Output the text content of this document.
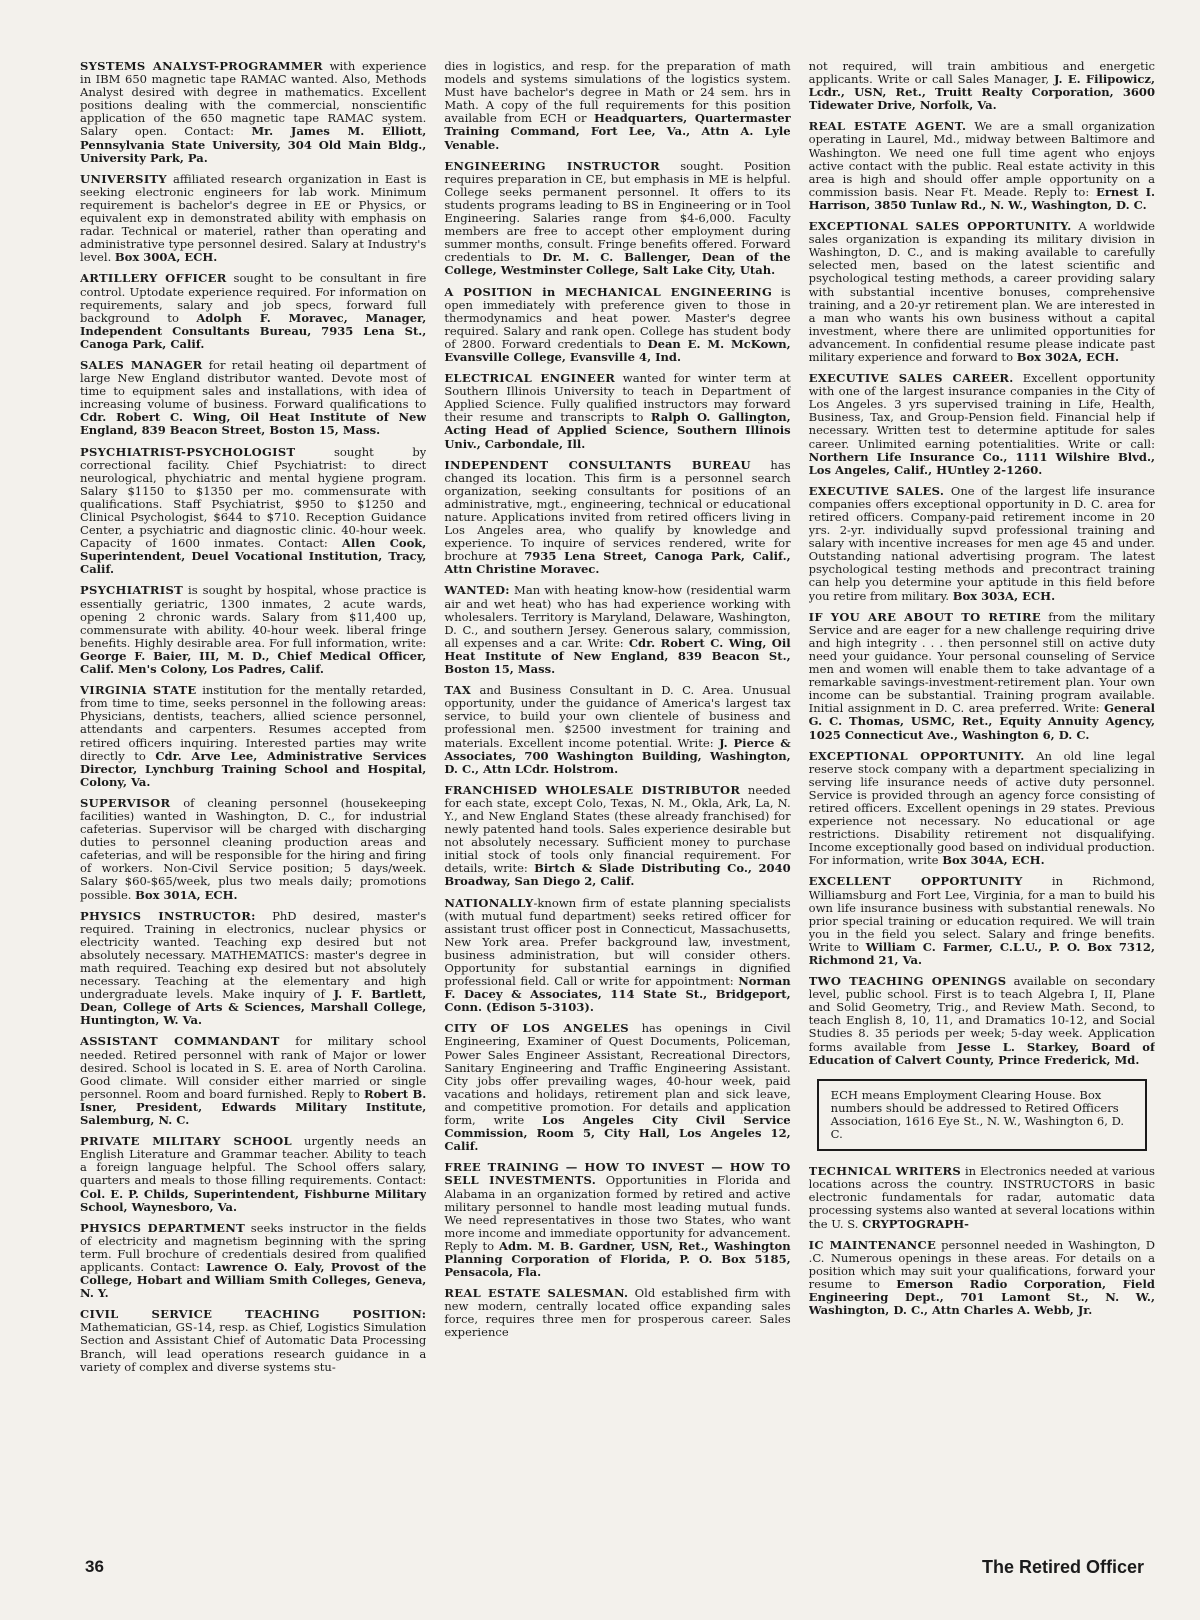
SYSTEMS ANALYST-PROGRAMMER with experience in IBM 650 magnetic tape RAMAC wanted. Also, Methods Analyst desired with degree in mathematics. Excellent positions dealing with the commercial, nonscientific application of the 650 magnetic tape RAMAC system. Salary open. Contact: Mr. James M. Elliott, Pennsylvania State University, 304 Old Main Bldg., University Park, Pa.

UNIVERSITY affiliated research organization in East is seeking electronic engineers for lab work. Minimum requirement is bachelor's degree in EE or Physics, or equivalent exp in demonstrated ability with emphasis on radar. Technical or materiel, rather than operating and administrative type personnel desired. Salary at Industry's level. Box 300A, ECH.

ARTILLERY OFFICER sought to be consultant in fire control. Uptodate experience required. For information on requirements, salary and job specs, forward full background to Adolph F. Moravec, Manager, Independent Consultants Bureau, 7935 Lena St., Canoga Park, Calif.

SALES MANAGER for retail heating oil department of large New England distributor wanted. Devote most of time to equipment sales and installations, with idea of increasing volume of business. Forward qualifications to Cdr. Robert C. Wing, Oil Heat Institute of New England, 839 Beacon Street, Boston 15, Mass.

PSYCHIATRIST-PSYCHOLOGIST sought by correctional facility. Chief Psychiatrist: to direct neurological, phychiatric and mental hygiene program. Salary $1150 to $1350 per mo. commensurate with qualifications. Staff Psychiatrist, $950 to $1250 and Clinical Psychologist, $644 to $710. Reception Guidance Center, a psychiatric and diagnostic clinic. 40-hour week. Capacity of 1600 inmates. Contact: Allen Cook, Superintendent, Deuel Vocational Institution, Tracy, Calif.

PSYCHIATRIST is sought by hospital, whose practice is essentially geriatric, 1300 inmates, 2 acute wards, opening 2 chronic wards. Salary from $11,400 up, commensurate with ability. 40-hour week. liberal fringe benefits. Highly desirable area. For full information, write: George F. Baier, III, M. D., Chief Medical Officer, Calif. Men's Colony, Los Padres, Calif.

VIRGINIA STATE institution for the mentally retarded, from time to time, seeks personnel in the following areas: Physicians, dentists, teachers, allied science personnel, attendants and carpenters. Resumes accepted from retired officers inquiring. Interested parties may write directly to Cdr. Arve Lee, Administrative Services Director, Lynchburg Training School and Hospital, Colony, Va.

SUPERVISOR of cleaning personnel (housekeeping facilities) wanted in Washington, D. C., for industrial cafeterias. Supervisor will be charged with discharging duties to personnel cleaning production areas and cafeterias, and will be responsible for the hiring and firing of workers. Non-Civil Service position; 5 days/week. Salary $60-$65/week, plus two meals daily; promotions possible. Box 301A, ECH.

PHYSICS INSTRUCTOR: PhD desired, master's required. Training in electronics, nuclear physics or electricity wanted. Teaching exp desired but not absolutely necessary. MATHEMATICS: master's degree in math required. Teaching exp desired but not absolutely necessary. Teaching at the elementary and high undergraduate levels. Make inquiry of J. F. Bartlett, Dean, College of Arts & Sciences, Marshall College, Huntington, W. Va.

ASSISTANT COMMANDANT for military school needed. Retired personnel with rank of Major or lower desired. School is located in S. E. area of North Carolina. Good climate. Will consider either married or single personnel. Room and board furnished. Reply to Robert B. Isner, President, Edwards Military Institute, Salemburg, N. C.

PRIVATE MILITARY SCHOOL urgently needs an English Literature and Grammar teacher. Ability to teach a foreign language helpful. The School offers salary, quarters and meals to those filling requirements. Contact: Col. E. P. Childs, Superintendent, Fishburne Military School, Waynesboro, Va.

PHYSICS DEPARTMENT seeks instructor in the fields of electricity and magnetism beginning with the spring term. Full brochure of credentials desired from qualified applicants. Contact: Lawrence O. Ealy, Provost of the College, Hobart and William Smith Colleges, Geneva, N. Y.

CIVIL SERVICE TEACHING POSITION: Mathematician, GS-14, resp. as Chief, Logistics Simulation Section and Assistant Chief of Automatic Data Processing Branch, will lead operations research guidance in a variety of complex and diverse systems stu-

dies in logistics, and resp. for the preparation of math models and systems simulations of the logistics system. Must have bachelor's degree in Math or 24 sem. hrs in Math. A copy of the full requirements for this position available from ECH or Headquarters, Quartermaster Training Command, Fort Lee, Va., Attn A. Lyle Venable.

ENGINEERING INSTRUCTOR sought. Position requires preparation in CE, but emphasis in ME is helpful. College seeks permanent personnel. It offers to its students programs leading to BS in Engineering or in Tool Engineering. Salaries range from $4-6,000. Faculty members are free to accept other employment during summer months, consult. Fringe benefits offered. Forward credentials to Dr. M. C. Ballenger, Dean of the College, Westminster College, Salt Lake City, Utah.

A POSITION in MECHANICAL ENGINEERING is open immediately with preference given to those in thermodynamics and heat power. Master's degree required. Salary and rank open. College has student body of 2800. Forward credentials to Dean E. M. McKown, Evansville College, Evansville 4, Ind.

ELECTRICAL ENGINEER wanted for winter term at Southern Illinois University to teach in Department of Applied Science. Fully qualified instructors may forward their resume and transcripts to Ralph O. Gallington, Acting Head of Applied Science, Southern Illinois Univ., Carbondale, Ill.

INDEPENDENT CONSULTANTS BUREAU has changed its location. This firm is a personnel search organization, seeking consultants for positions of an administrative, mgt., engineering, technical or educational nature. Applications invited from retired officers living in Los Angeles area, who qualify by knowledge and experience. To inquire of services rendered, write for brochure at 7935 Lena Street, Canoga Park, Calif., Attn Christine Moravec.

WANTED: Man with heating know-how (residential warm air and wet heat) who has had experience working with wholesalers. Territory is Maryland, Delaware, Washington, D. C., and southern Jersey. Generous salary, commission, all expenses and a car. Write: Cdr. Robert C. Wing, Oil Heat Institute of New England, 839 Beacon St., Boston 15, Mass.

TAX and Business Consultant in D. C. Area. Unusual opportunity, under the guidance of America's largest tax service, to build your own clientele of business and professional men. $2500 investment for training and materials. Excellent income potential. Write: J. Pierce & Associates, 700 Washington Building, Washington, D. C., Attn LCdr. Holstrom.

FRANCHISED WHOLESALE DISTRIBUTOR needed for each state, except Colo, Texas, N. M., Okla, Ark, La, N. Y., and New England States (these already franchised) for newly patented hand tools. Sales experience desirable but not absolutely necessary. Sufficient money to purchase initial stock of tools only financial requirement. For details, write: Birtch & Slade Distributing Co., 2040 Broadway, San Diego 2, Calif.

NATIONALLY-known firm of estate planning specialists (with mutual fund department) seeks retired officer for assistant trust officer post in Connecticut, Massachusetts, New York area. Prefer background law, investment, business administration, but will consider others. Opportunity for substantial earnings in dignified professional field. Call or write for appointment: Norman F. Dacey & Associates, 114 State St., Bridgeport, Conn. (Edison 5-3103).

CITY OF LOS ANGELES has openings in Civil Engineering, Examiner of Quest Documents, Policeman, Power Sales Engineer Assistant, Recreational Directors, Sanitary Engineering and Traffic Engineering Assistant. City jobs offer prevailing wages, 40-hour week, paid vacations and holidays, retirement plan and sick leave, and competitive promotion. For details and application form, write Los Angeles City Civil Service Commission, Room 5, City Hall, Los Angeles 12, Calif.

FREE TRAINING — HOW TO INVEST — HOW TO SELL INVESTMENTS. Opportunities in Florida and Alabama in an organization formed by retired and active military personnel to handle most leading mutual funds. We need representatives in those two States, who want more income and immediate opportunity for advancement. Reply to Adm. M. B. Gardner, USN, Ret., Washington Planning Corporation of Florida, P. O. Box 5185, Pensacola, Fla.

REAL ESTATE SALESMAN. Old established firm with new modern, centrally located office expanding sales force, requires three men for prosperous career. Sales experience

not required, will train ambitious and energetic applicants. Write or call Sales Manager, J. E. Filipowicz, Lcdr., USN, Ret., Truitt Realty Corporation, 3600 Tidewater Drive, Norfolk, Va.

REAL ESTATE AGENT. We are a small organization operating in Laurel, Md., midway between Baltimore and Washington. We need one full time agent who enjoys active contact with the public. Real estate activity in this area is high and should offer ample opportunity on a commission basis. Near Ft. Meade. Reply to: Ernest I. Harrison, 3850 Tunlaw Rd., N. W., Washington, D. C.

EXCEPTIONAL SALES OPPORTUNITY. A worldwide sales organization is expanding its military division in Washington, D. C., and is making available to carefully selected men, based on the latest scientific and psychological testing methods, a career providing salary with substantial incentive bonuses, comprehensive training, and a 20-yr retirement plan. We are interested in a man who wants his own business without a capital investment, where there are unlimited opportunities for advancement. In confidential resume please indicate past military experience and forward to Box 302A, ECH.

EXECUTIVE SALES CAREER. Excellent opportunity with one of the largest insurance companies in the City of Los Angeles. 3 yrs supervised training in Life, Health, Business, Tax, and Group-Pension field. Financial help if necessary. Written test to determine aptitude for sales career. Unlimited earning potentialities. Write or call: Northern Life Insurance Co., 1111 Wilshire Blvd., Los Angeles, Calif., HUntley 2-1260.

EXECUTIVE SALES. One of the largest life insurance companies offers exceptional opportunity in D. C. area for retired officers. Company-paid retirement income in 20 yrs. 2-yr. individually supvd professional training and salary with incentive increases for men age 45 and under. Outstanding national advertising program. The latest psychological testing methods and precontract training can help you determine your aptitude in this field before you retire from military. Box 303A, ECH.

IF YOU ARE ABOUT TO RETIRE from the military Service and are eager for a new challenge requiring drive and high integrity . . . then personnel still on active duty need your guidance. Your personal counseling of Service men and women will enable them to take advantage of a remarkable savings-investment-retirement plan. Your own income can be substantial. Training program available. Initial assignment in D. C. area preferred. Write: General G. C. Thomas, USMC, Ret., Equity Annuity Agency, 1025 Connecticut Ave., Washington 6, D. C.

EXCEPTIONAL OPPORTUNITY. An old line legal reserve stock company with a department specializing in serving life insurance needs of active duty personnel. Service is provided through an agency force consisting of retired officers. Excellent openings in 29 states. Previous experience not necessary. No educational or age restrictions. Disability retirement not disqualifying. Income exceptionally good based on individual production. For information, write Box 304A, ECH.

EXCELLENT OPPORTUNITY in Richmond, Williamsburg and Fort Lee, Virginia, for a man to build his own life insurance business with substantial renewals. No prior special training or education required. We will train you in the field you select. Salary and fringe benefits. Write to William C. Farmer, C.L.U., P. O. Box 7312, Richmond 21, Va.

TWO TEACHING OPENINGS available on secondary level, public school. First is to teach Algebra I, II, Plane and Solid Geometry, Trig., and Review Math. Second, to teach English 8, 10, 11, and Dramatics 10-12, and Social Studies 8. 35 periods per week; 5-day week. Application forms available from Jesse L. Starkey, Board of Education of Calvert County, Prince Frederick, Md.

ECH means Employment Clearing House. Box numbers should be addressed to Retired Officers Association, 1616 Eye St., N. W., Washington 6, D. C.

TECHNICAL WRITERS in Electronics needed at various locations across the country. INSTRUCTORS in basic electronic fundamentals for radar, automatic data processing systems also wanted at several locations within the U. S. CRYPTOGRAPH-

IC MAINTENANCE personnel needed in Washington, D .C. Numerous openings in these areas. For details on a position which may suit your qualifications, forward your resume to Emerson Radio Corporation, Field Engineering Dept., 701 Lamont St., N. W., Washington, D. C., Attn Charles A. Webb, Jr.

36	The Retired Officer
